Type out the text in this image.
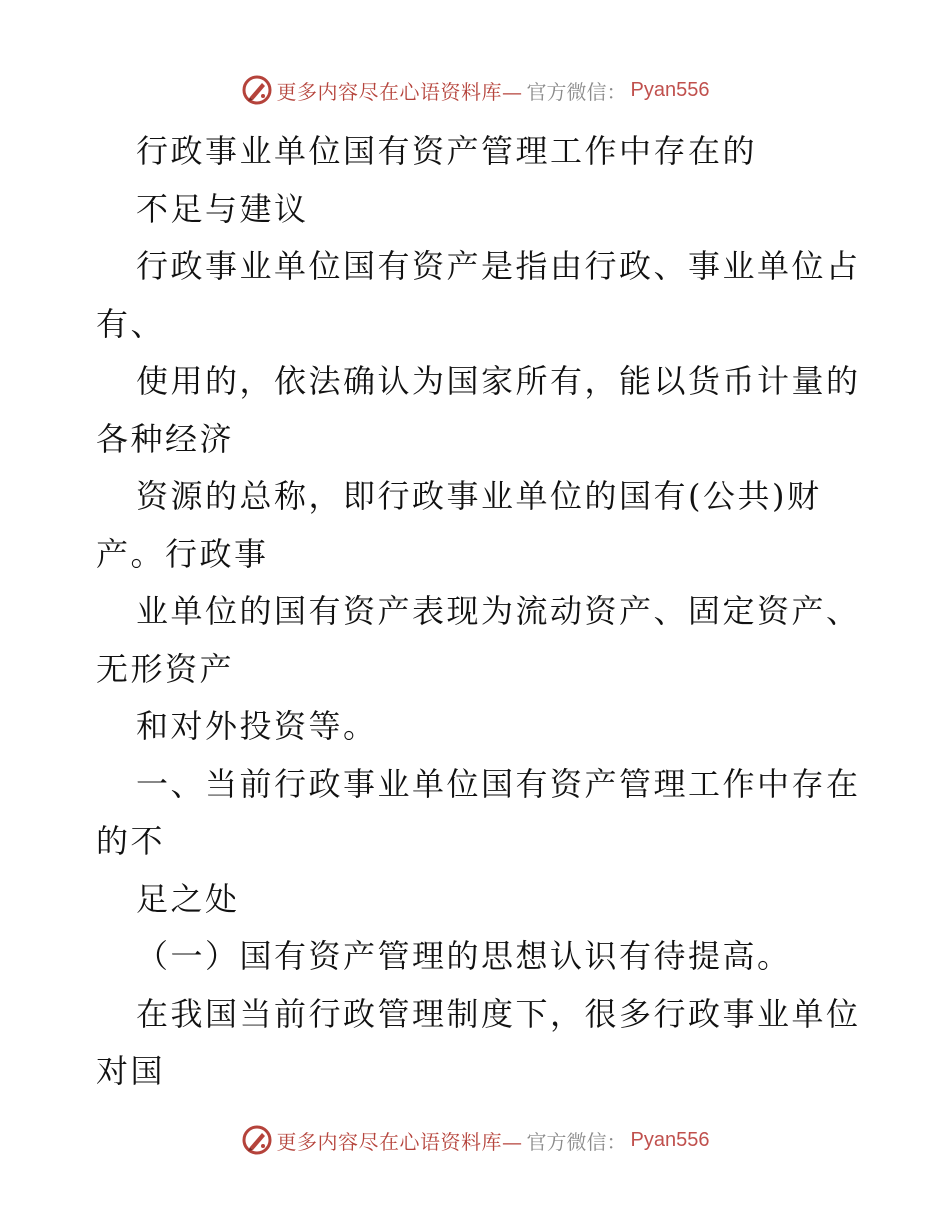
更多内容尽在心语资料库— 官方微信： Pyan556
行政事业单位国有资产管理工作中存在的
不足与建议
行政事业单位国有资产是指由行政、事业单位占
有、
使用的，依法确认为国家所有，能以货币计量的
各种经济
资源的总称，即行政事业单位的国有(公共)财
产。行政事
业单位的国有资产表现为流动资产、固定资产、
无形资产
和对外投资等。
一、当前行政事业单位国有资产管理工作中存在
的不
足之处
（一）国有资产管理的思想认识有待提高。
在我国当前行政管理制度下，很多行政事业单位
对国
更多内容尽在心语资料库— 官方微信： Pyan556
